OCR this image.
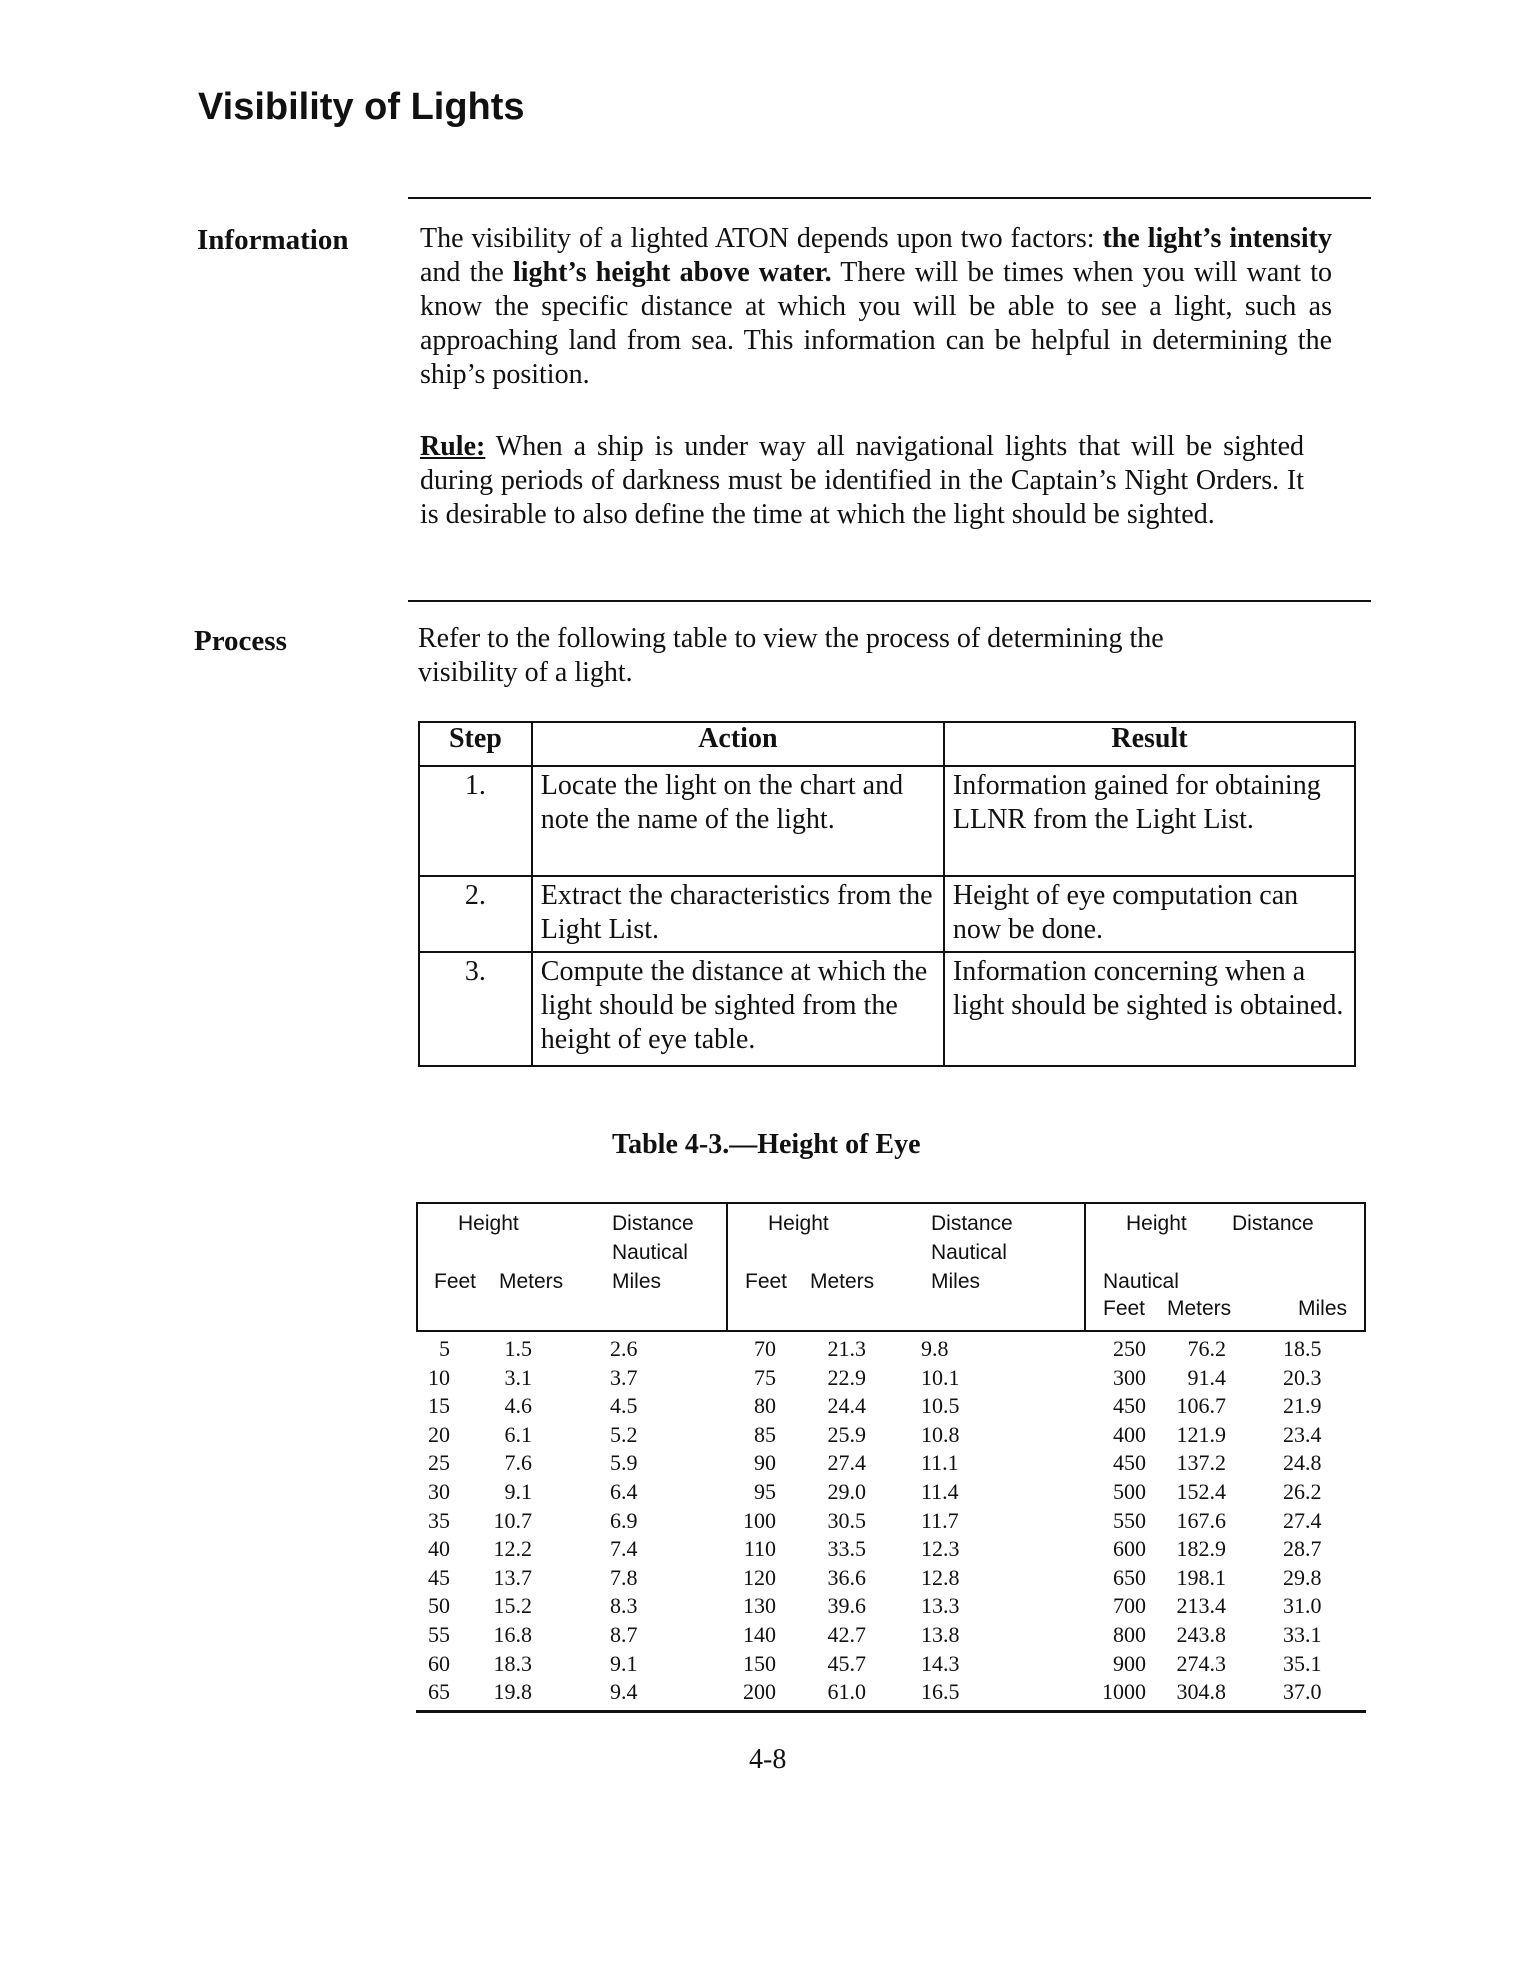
Visibility of Lights
Information	The visibility of a lighted ATON depends upon two factors: the light’s intensity and the light’s height above water. There will be times when you will want to know the specific distance at which you will be able to see a light, such as approaching land from sea. This information can be helpful in determining the ship’s position.
Rule: When a ship is under way all navigational lights that will be sighted during periods of darkness must be identified in the Captain’s Night Orders. It is desirable to also define the time at which the light should be sighted.
Process	Refer to the following table to view the process of determining the visibility of a light.
Step	Action	Result
1.	Locate the light on the chart and note the name of the light.	Information gained for obtaining LLNR from the Light List.
2.	Extract the characteristics from the Light List.	Height of eye computation can now be done.
3.	Compute the distance at which the light should be sighted from the height of eye table.	Information concerning when a light should be sighted is obtained.
Table 4-3.—Height of Eye
Height	Distance
Nautical
Feet Meters Miles
Height	Distance
Nautical
Feet Meters	Miles
Height Distance
Nautical
Feet Meters	Miles
5	1.5	2.6	70	21.3	9.8	250	76.2	18.5
10	3.1	3.7	75	22.9	10.1	300	91.4	20.3
15	4.6	4.5	80	24.4	10.5	450	106.7	21.9
20	6.1	5.2	85	25.9	10.8	400	121.9	23.4
25	7.6	5.9	90	27.4	11.1	450	137.2	24.8
30	9.1	6.4	95	29.0	11.4	500	152.4	26.2
35	10.7	6.9	100	30.5	11.7	550	167.6	27.4
40	12.2	7.4	110	33.5	12.3	600	182.9	28.7
45	13.7	7.8	120	36.6	12.8	650	198.1	29.8
50	15.2	8.3	130	39.6	13.3	700	213.4	31.0
55	16.8	8.7	140	42.7	13.8	800	243.8	33.1
60	18.3	9.1	150	45.7	14.3	900	274.3	35.1
65	19.8	9.4	200	61.0	16.5	1000	304.8	37.0
4-8
